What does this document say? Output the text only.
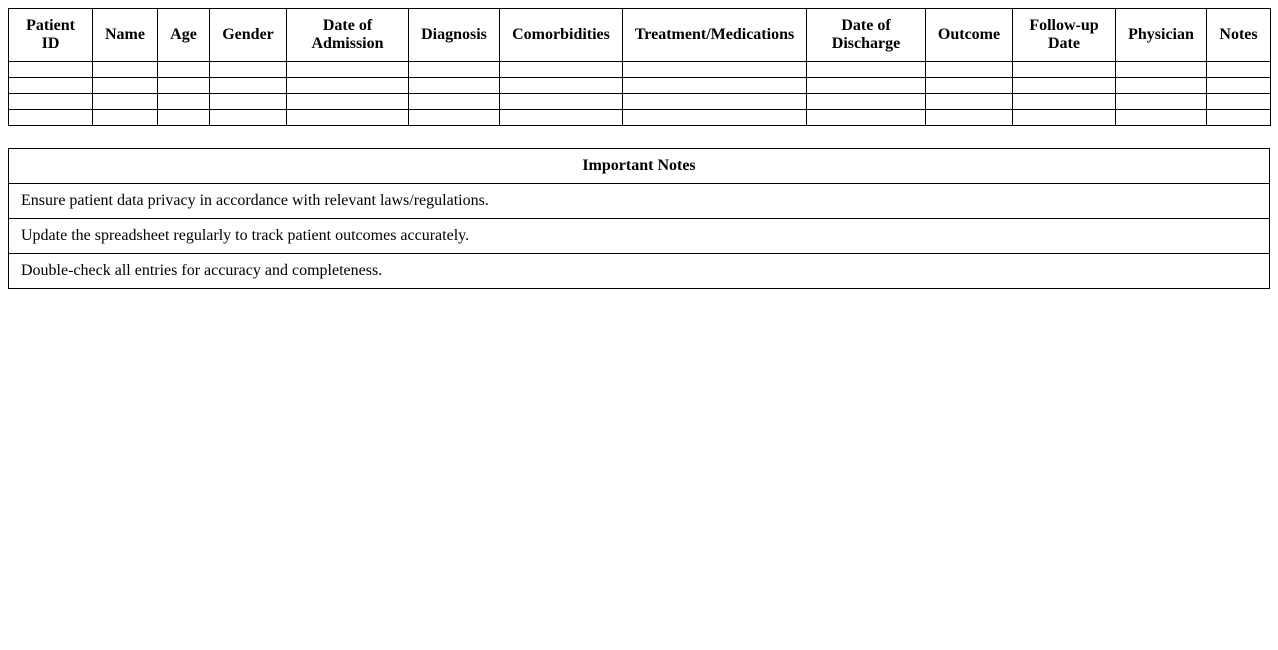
Patient ID	Name	Age	Gender	Date of Admission	Diagnosis	Comorbidities	Treatment/Medications	Date of Discharge	Outcome	Follow-up Date	Physician	Notes

Important Notes
Ensure patient data privacy in accordance with relevant laws/regulations.
Update the spreadsheet regularly to track patient outcomes accurately.
Double-check all entries for accuracy and completeness.
